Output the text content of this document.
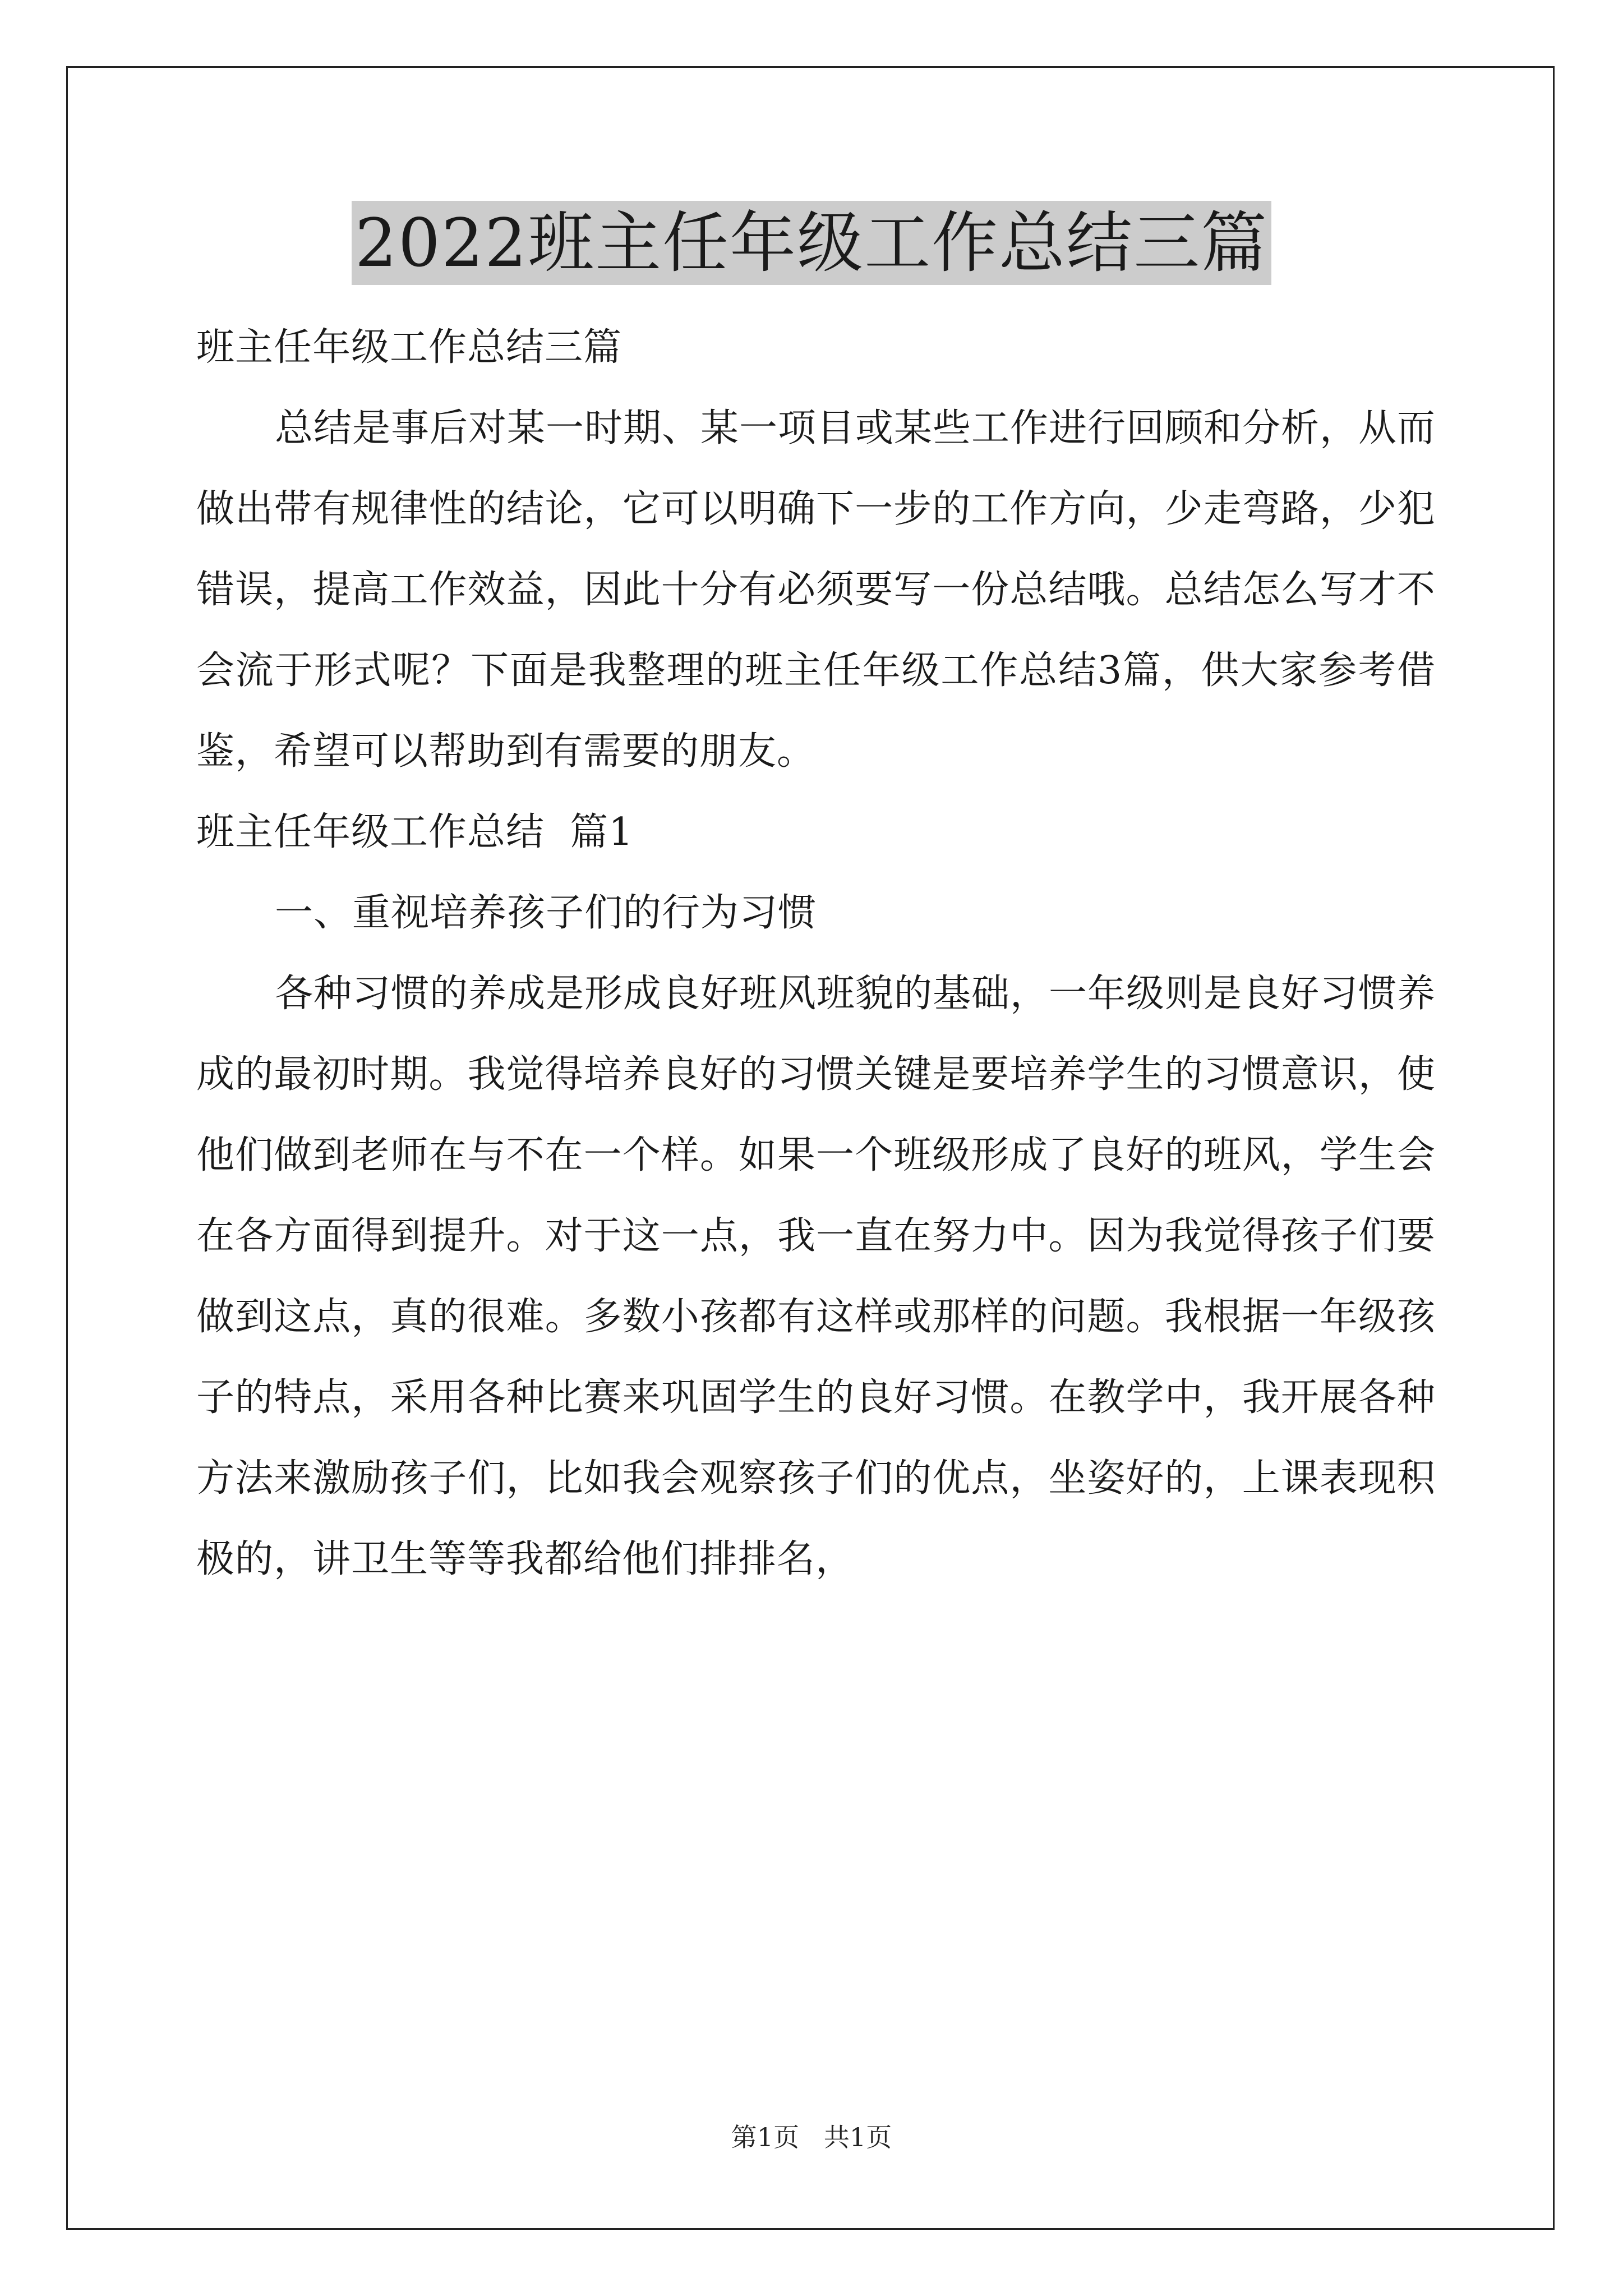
2022班主任年级工作总结三篇

班主任年级工作总结三篇

总结是事后对某一时期、某一项目或某些工作进行回顾和分析，从而做出带有规律性的结论，它可以明确下一步的工作方向，少走弯路，少犯错误，提高工作效益，因此十分有必须要写一份总结哦。总结怎么写才不会流于形式呢？下面是我整理的班主任年级工作总结3篇，供大家参考借鉴，希望可以帮助到有需要的朋友。

班主任年级工作总结  篇1

一、重视培养孩子们的行为习惯

各种习惯的养成是形成良好班风班貌的基础，一年级则是良好习惯养成的最初时期。我觉得培养良好的习惯关键是要培养学生的习惯意识，使他们做到老师在与不在一个样。如果一个班级形成了良好的班风，学生会在各方面得到提升。对于这一点，我一直在努力中。因为我觉得孩子们要做到这点，真的很难。多数小孩都有这样或那样的问题。我根据一年级孩子的特点，采用各种比赛来巩固学生的良好习惯。在教学中，我开展各种方法来激励孩子们，比如我会观察孩子们的优点，坐姿好的，上课表现积极的，讲卫生等等我都给他们排排名，

第1页   共1页
